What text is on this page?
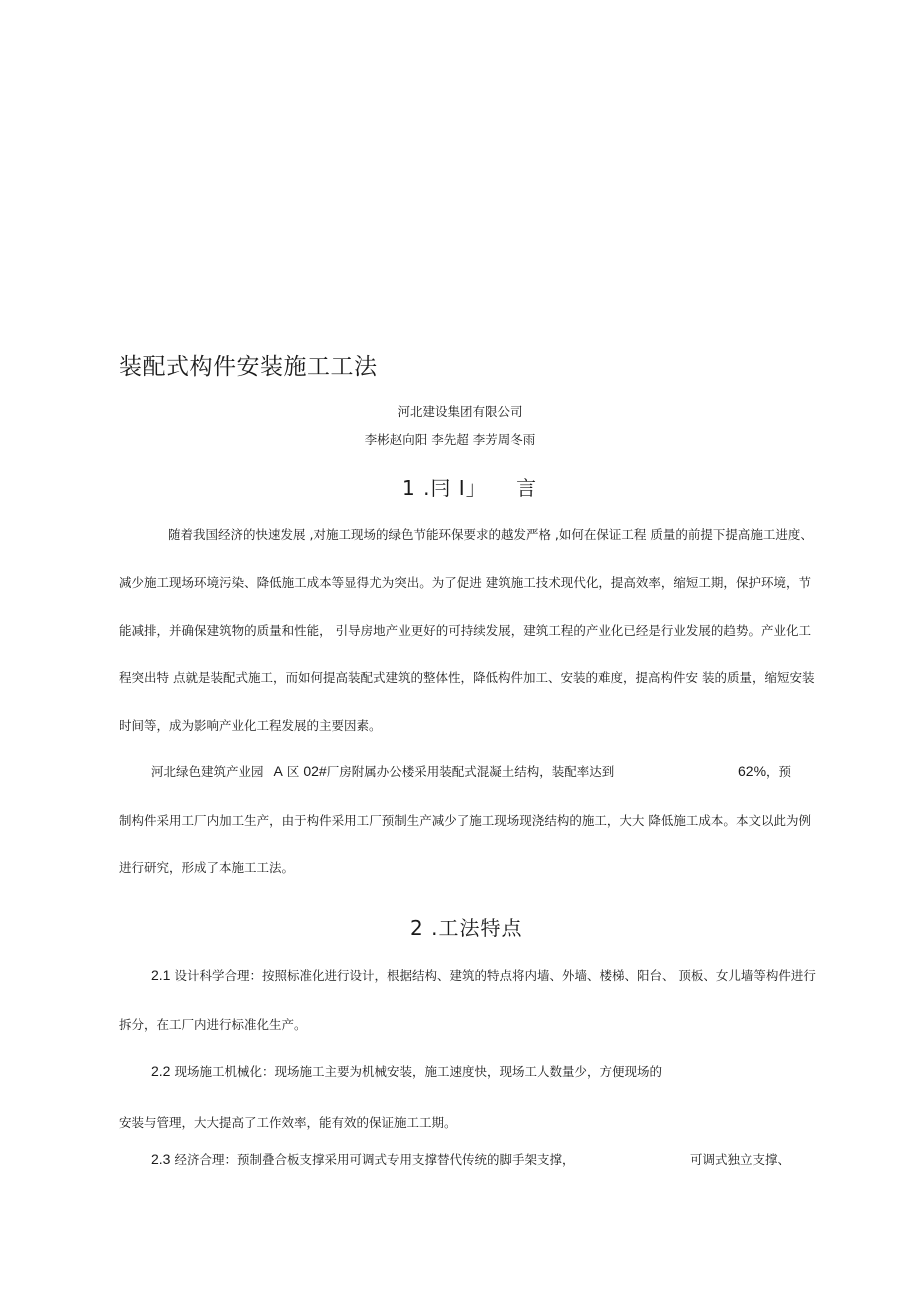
装配式构件安装施工工法
河北建设集团有限公司
李彬赵向阳 李先超 李芳周冬雨
1 .冃 I」    言
随着我国经济的快速发展 ,对施工现场的绿色节能环保要求的越发严格 ,如何在保证工程 质量的前提下提高施工进度、
减少施工现场环境污染、降低施工成本等显得尤为突出。为了促进 建筑施工技术现代化，提高效率，缩短工期，保护环境，节
能减排，并确保建筑物的质量和性能， 引导房地产业更好的可持续发展，建筑工程的产业化已经是行业发展的趋势。产业化工
程突出特 点就是装配式施工，而如何提高装配式建筑的整体性，降低构件加工、安装的难度，提高构件安 装的质量，缩短安装
时间等，成为影响产业化工程发展的主要因素。
河北绿色建筑产业园 A 区 02#厂房附属办公楼采用装配式混凝土结构，装配率达到	62%，预
制构件采用工厂内加工生产，由于构件采用工厂预制生产减少了施工现场现浇结构的施工，大大 降低施工成本。本文以此为例
进行研究，形成了本施工工法。
2 .工法特点
2.1 设计科学合理：按照标准化进行设计，根据结构、建筑的特点将内墙、外墙、楼梯、阳台、 顶板、女儿墙等构件进行
拆分，在工厂内进行标准化生产。
2.2 现场施工机械化：现场施工主要为机械安装，施工速度快，现场工人数量少，方便现场的
安装与管理，大大提高了工作效率，能有效的保证施工工期。
2.3 经济合理：预制叠合板支撑采用可调式专用支撑替代传统的脚手架支撑，	可调式独立支撑、
